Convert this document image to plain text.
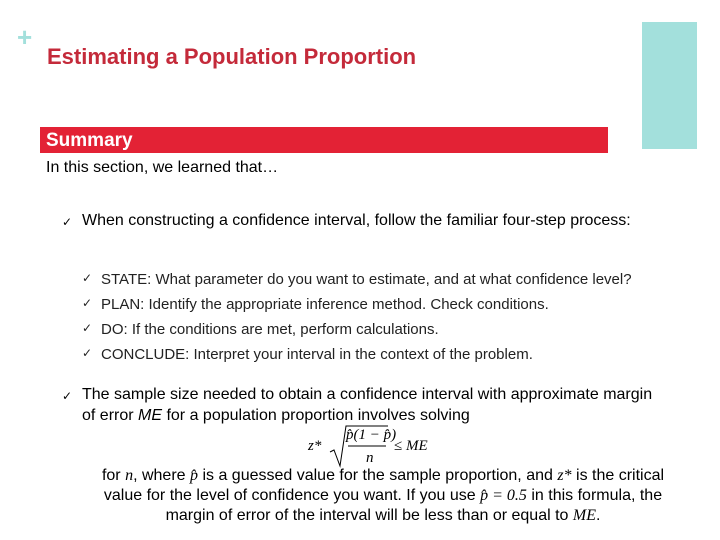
+
Estimating a Population Proportion
Summary
In this section, we learned that…
✓ When constructing a confidence interval, follow the familiar four-step process:
✓ STATE: What parameter do you want to estimate, and at what confidence level?
✓ PLAN: Identify the appropriate inference method. Check conditions.
✓ DO: If the conditions are met, perform calculations.
✓ CONCLUDE: Interpret your interval in the context of the problem.
✓ The sample size needed to obtain a confidence interval with approximate margin of error ME for a population proportion involves solving
z*
p̂(1 − p̂)
n
≤ ME
for n, where p̂ is a guessed value for the sample proportion, and z* is the critical value for the level of confidence you want. If you use p̂ = 0.5 in this formula, the margin of error of the interval will be less than or equal to ME.
